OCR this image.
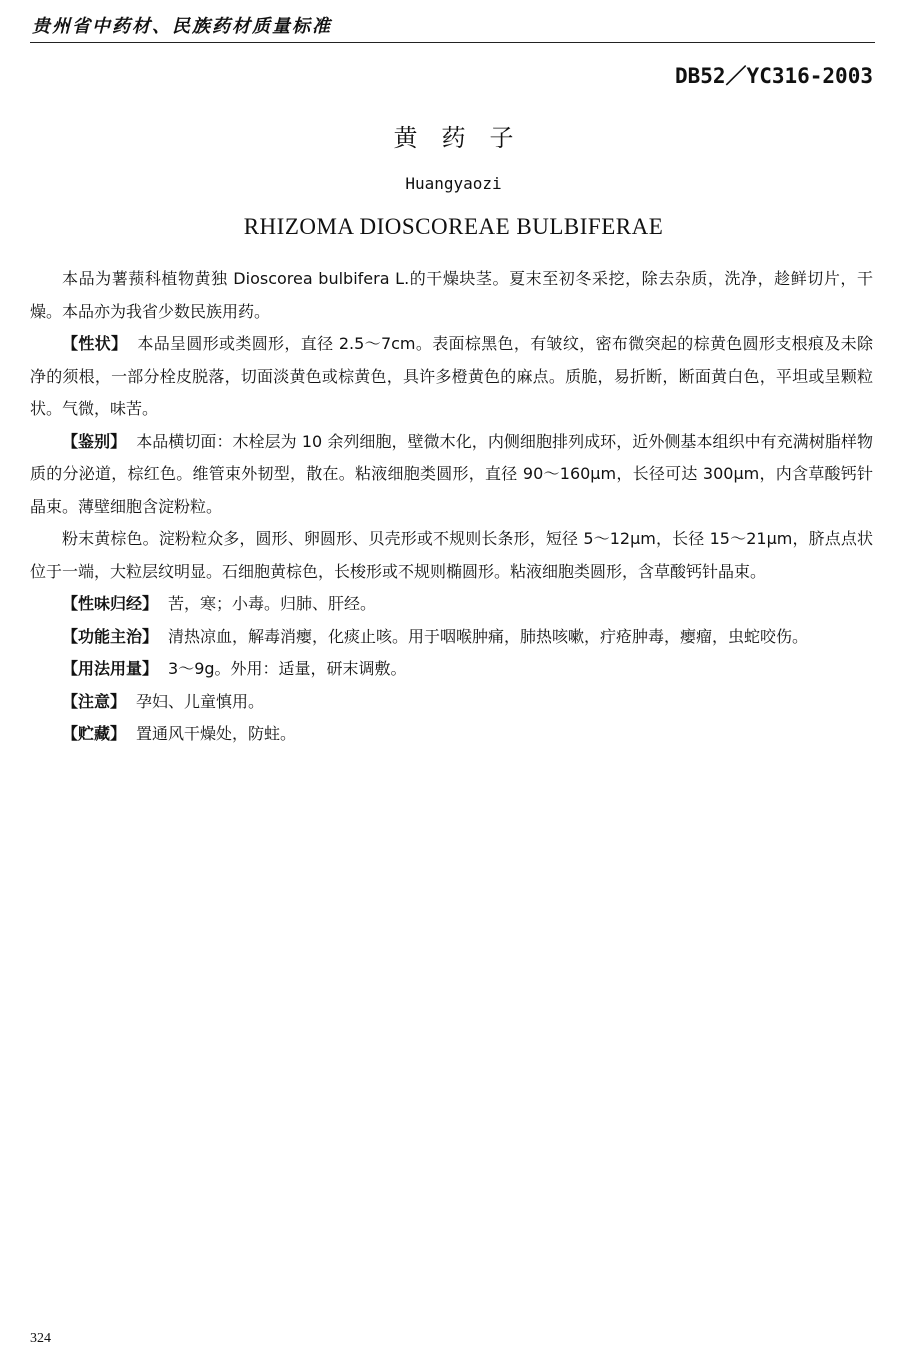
贵州省中药材、民族药材质量标准
DB52／YC316-2003
黄药子
Huangyaozi
RHIZOMA DIOSCOREAE BULBIFERAE

本品为薯蓣科植物黄独 Dioscorea bulbifera L.的干燥块茎。夏末至初冬采挖，除去杂质，洗净，趁鲜切片，干燥。本品亦为我省少数民族用药。

【性状】 本品呈圆形或类圆形，直径 2.5～7cm。表面棕黑色，有皱纹，密布微突起的棕黄色圆形支根痕及未除净的须根，一部分栓皮脱落，切面淡黄色或棕黄色，具许多橙黄色的麻点。质脆，易折断，断面黄白色，平坦或呈颗粒状。气微，味苦。

【鉴别】 本品横切面：木栓层为 10 余列细胞，壁微木化，内侧细胞排列成环，近外侧基本组织中有充满树脂样物质的分泌道，棕红色。维管束外韧型，散在。粘液细胞类圆形，直径 90～160μm，长径可达 300μm，内含草酸钙针晶束。薄壁细胞含淀粉粒。

粉末黄棕色。淀粉粒众多，圆形、卵圆形、贝壳形或不规则长条形，短径 5～12μm，长径 15～21μm，脐点点状位于一端，大粒层纹明显。石细胞黄棕色，长梭形或不规则椭圆形。粘液细胞类圆形，含草酸钙针晶束。

【性味归经】 苦，寒；小毒。归肺、肝经。

【功能主治】 清热凉血，解毒消瘿，化痰止咳。用于咽喉肿痛，肺热咳嗽，疔疮肿毒，瘿瘤，虫蛇咬伤。

【用法用量】 3～9g。外用：适量，研末调敷。

【注意】 孕妇、儿童慎用。

【贮藏】 置通风干燥处，防蛀。

324
